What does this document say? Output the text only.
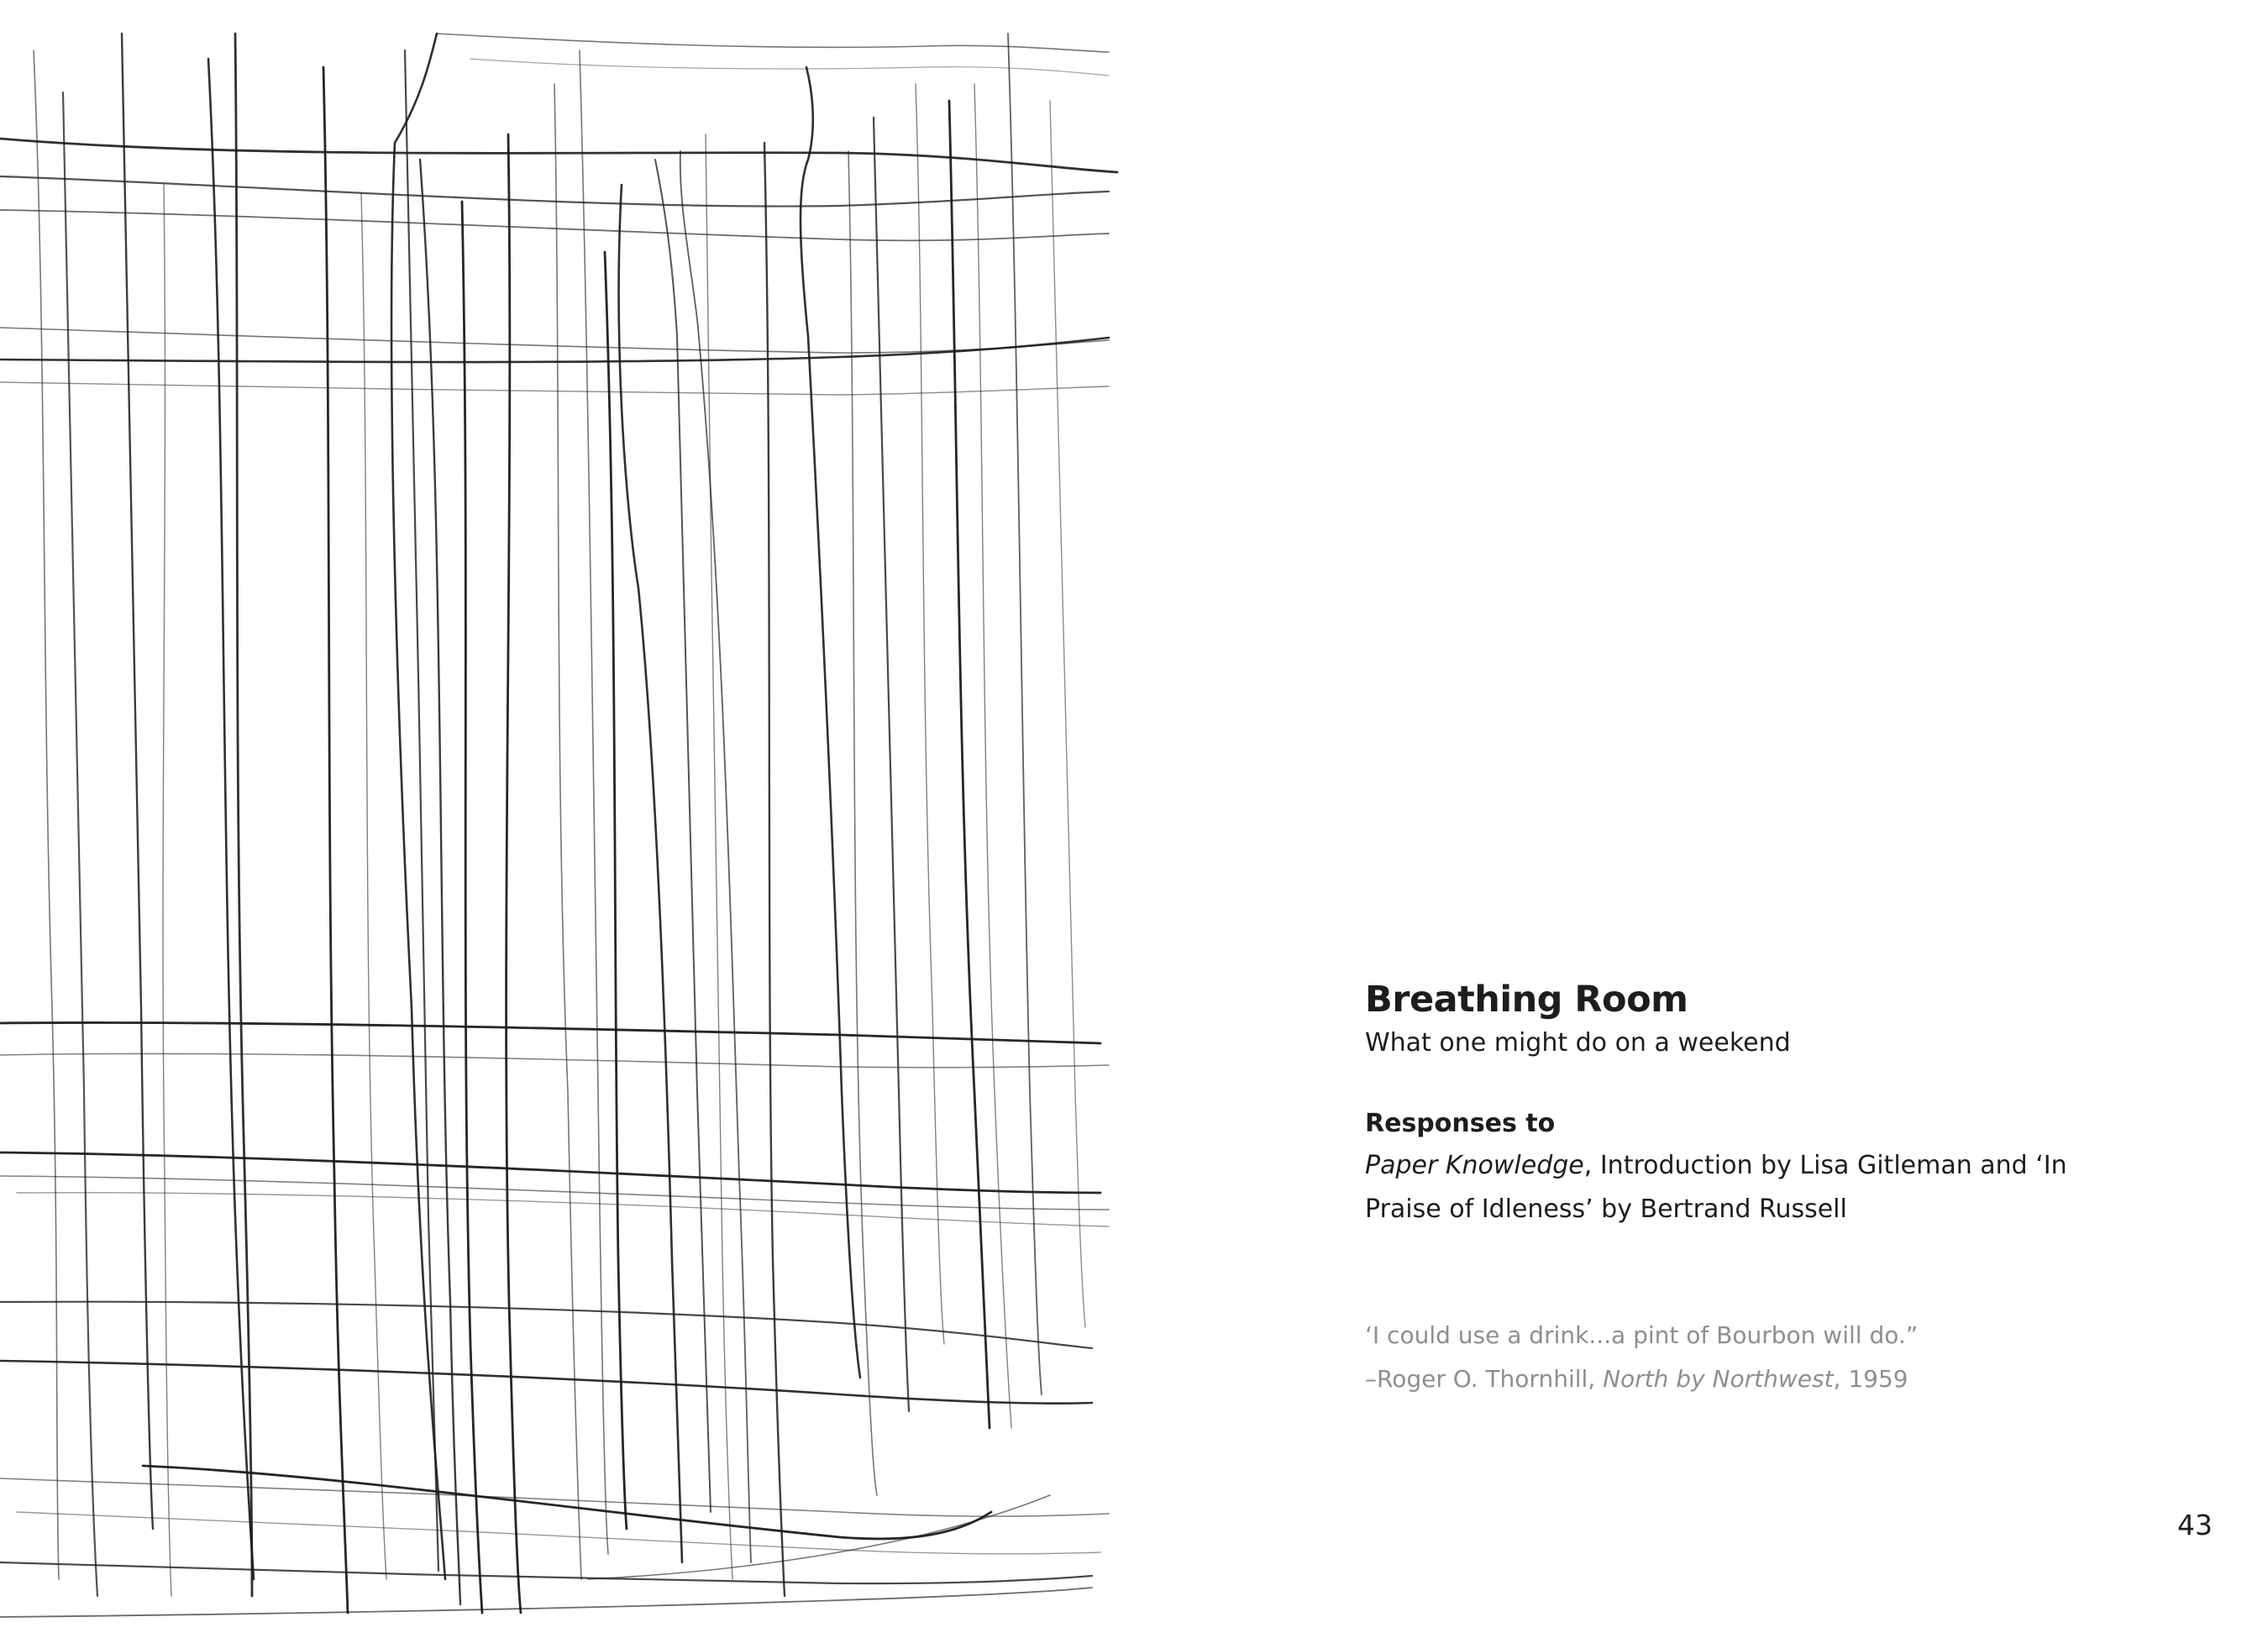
Breathing Room

What one might do on a weekend

Responses to

Paper Knowledge, Introduction by Lisa Gitleman and ‘In
Praise of Idleness’ by Bertrand Russell
‘I could use a drink...a pint of Bourbon will do.”
–Roger O. Thornhill, North by Northwest, 1959
43
